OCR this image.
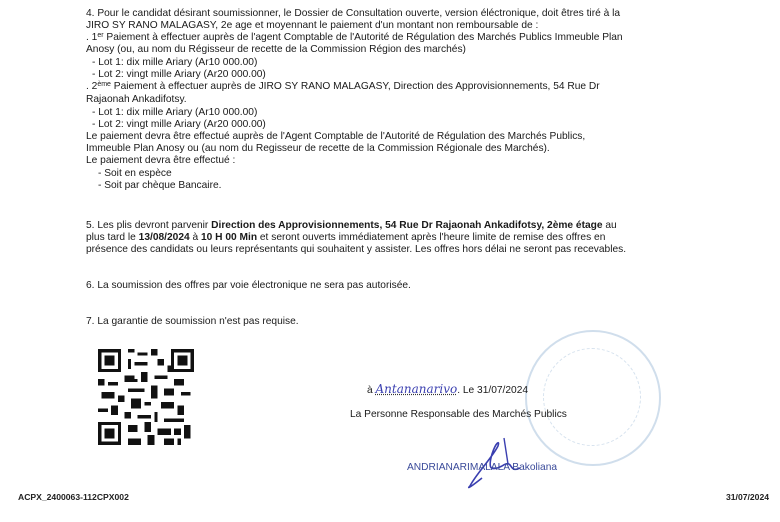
4. Pour le candidat désirant soumissionner, le Dossier de Consultation ouverte, version éléctronique, doit êtres tiré à la
JIRO SY RANO MALAGASY, 2e age et moyennant le paiement d'un montant non remboursable de :
. 1er Paiement à effectuer auprès de l'agent Comptable de l'Autorité de Régulation des Marchés Publics Immeuble Plan
Anosy (ou, au nom du Régisseur de recette de la Commission Région des marchés)
- Lot 1: dix mille Ariary (Ar10 000.00)
- Lot 2: vingt mille Ariary (Ar20 000.00)
. 2ème Paiement à effectuer auprès de JIRO SY RANO MALAGASY, Direction des Approvisionnements, 54 Rue Dr
Rajaonah Ankadifotsy.
- Lot 1: dix mille Ariary (Ar10 000.00)
- Lot 2: vingt mille Ariary (Ar20 000.00)
Le paiement devra être effectué auprès de l'Agent Comptable de l'Autorité de Régulation des Marchés Publics,
Immeuble Plan Anosy ou (au nom du Regisseur de recette de la Commission Régionale des Marchés).
Le paiement devra être effectué :
- Soit en espèce
- Soit par chèque Bancaire.
5. Les plis devront parvenir Direction des Approvisionnements, 54 Rue Dr Rajaonah Ankadifotsy, 2ème étage au
plus tard le 13/08/2024 à 10 H 00 Min et seront ouverts immédiatement après l'heure limite de remise des offres en
présence des candidats ou leurs représentants qui souhaitent y assister. Les offres hors délai ne seront pas recevables.
6. La soumission des offres par voie électronique ne sera pas autorisée.
7. La garantie de soumission n'est pas requise.
à Antananarivo. Le 31/07/2024
La Personne Responsable des Marchés Publics
ANDRIANARIMALALA Bakoliana
ACPX_2400063-112CPX002	31/07/2024
